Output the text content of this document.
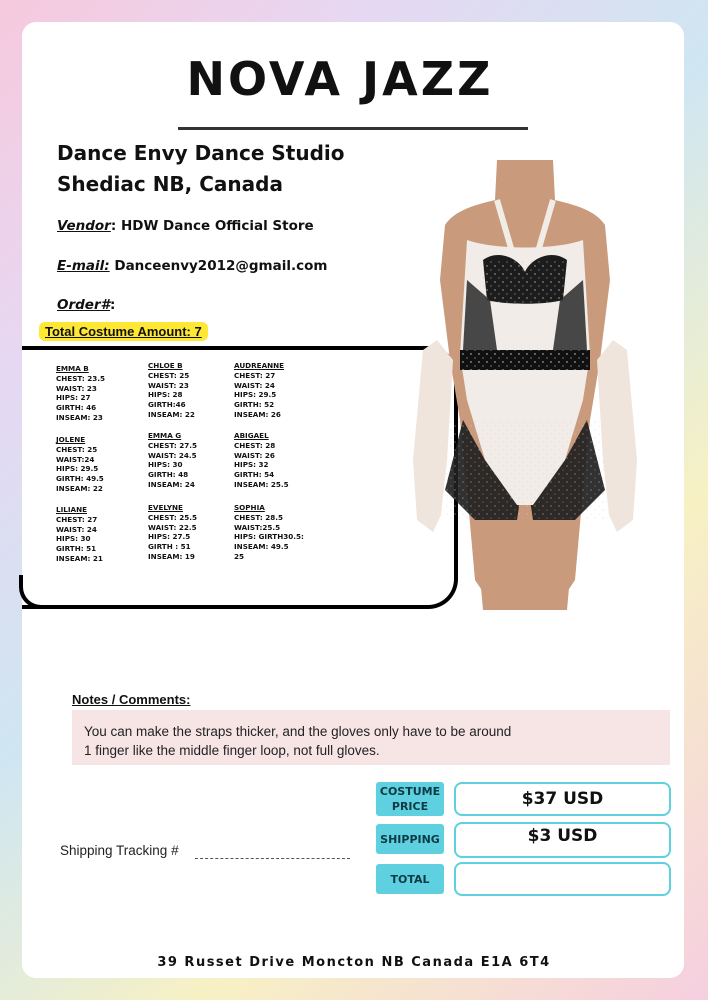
NOVA JAZZ
Dance Envy Dance Studio
Shediac NB, Canada
Vendor: HDW Dance Official Store
E-mail: Danceenvy2012@gmail.com
Order#:
Total Costume Amount: 7
EMMA B
CHEST: 23.5
WAIST: 23
HIPS: 27
GIRTH: 46
INSEAM: 23
JOLENE
CHEST: 25
WAIST:24
HIPS: 29.5
GIRTH: 49.5
INSEAM: 22
LILIANE
CHEST: 27
WAIST: 24
HIPS: 30
GIRTH: 51
INSEAM: 21
CHLOE B
CHEST: 25
WAIST: 23
HIPS: 28
GIRTH:46
INSEAM: 22
EMMA G
CHEST: 27.5
WAIST: 24.5
HIPS: 30
GIRTH: 48
INSEAM: 24
EVELYNE
CHEST: 25.5
WAIST: 22.5
HIPS: 27.5
GIRTH : 51
INSEAM: 19
AUDREANNE
CHEST: 27
WAIST: 24
HIPS: 29.5
GIRTH: 52
INSEAM: 26
ABIGAEL
CHEST: 28
WAIST: 26
HIPS: 32
GIRTH: 54
INSEAM: 25.5
SOPHIA
CHEST: 28.5
WAIST:25.5
HIPS: GIRTH30.5:
INSEAM: 49.5
25
Notes / Comments:
You can make the straps thicker, and the gloves only have to be around
1 finger like the middle finger loop, not full gloves.
COSTUME
PRICE	$37 USD
SHIPPING	$3 USD
TOTAL
Shipping Tracking #
39 Russet Drive Moncton NB Canada E1A 6T4
